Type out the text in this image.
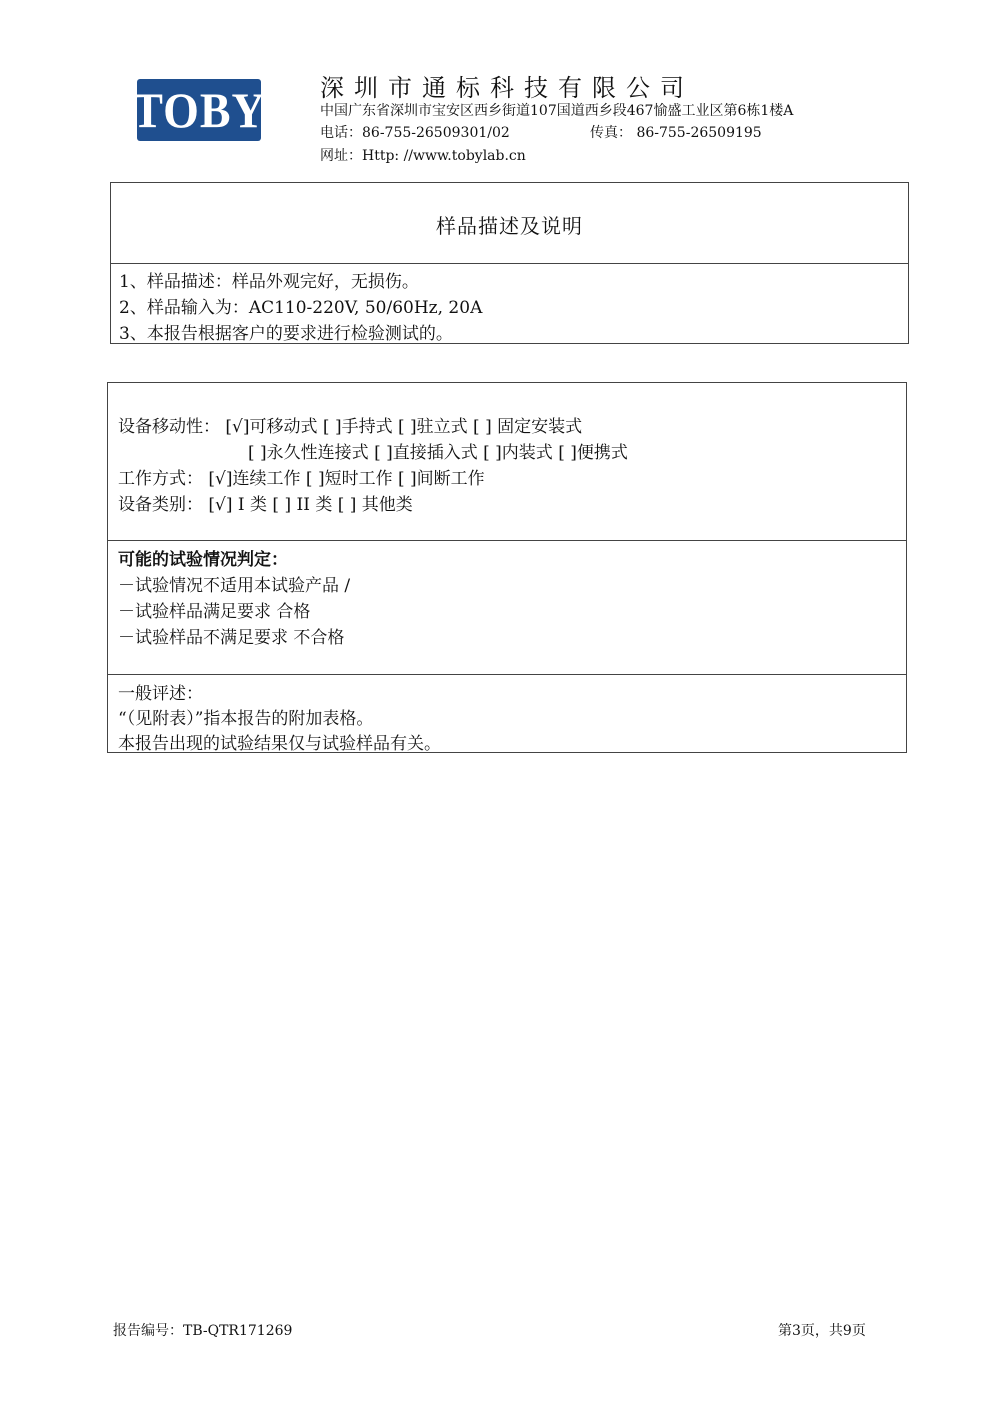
TOBY 深圳市通标科技有限公司
中国广东省深圳市宝安区西乡街道107国道西乡段467愉盛工业区第6栋1楼A
电话：86-755-26509301/02	传真： 86-755-26509195
网址：Http: //www.tobylab.cn
样品描述及说明
1、样品描述：样品外观完好，无损伤。
2、样品输入为：AC110-220V, 50/60Hz, 20A
3、本报告根据客户的要求进行检验测试的。
设备移动性： [√]可移动式 [ ]手持式 [ ]驻立式 [ ] 固定安装式
[ ]永久性连接式 [ ]直接插入式 [ ]内装式 [ ]便携式
工作方式： [√]连续工作 [ ]短时工作 [ ]间断工作
设备类别： [√] I 类 [ ] II 类 [ ] 其他类
可能的试验情况判定：
－试验情况不适用本试验产品 /
－试验样品满足要求 合格
－试验样品不满足要求 不合格
一般评述：
“（见附表）”指本报告的附加表格。
本报告出现的试验结果仅与试验样品有关。
报告编号：TB-QTR171269	第3页，共9页
